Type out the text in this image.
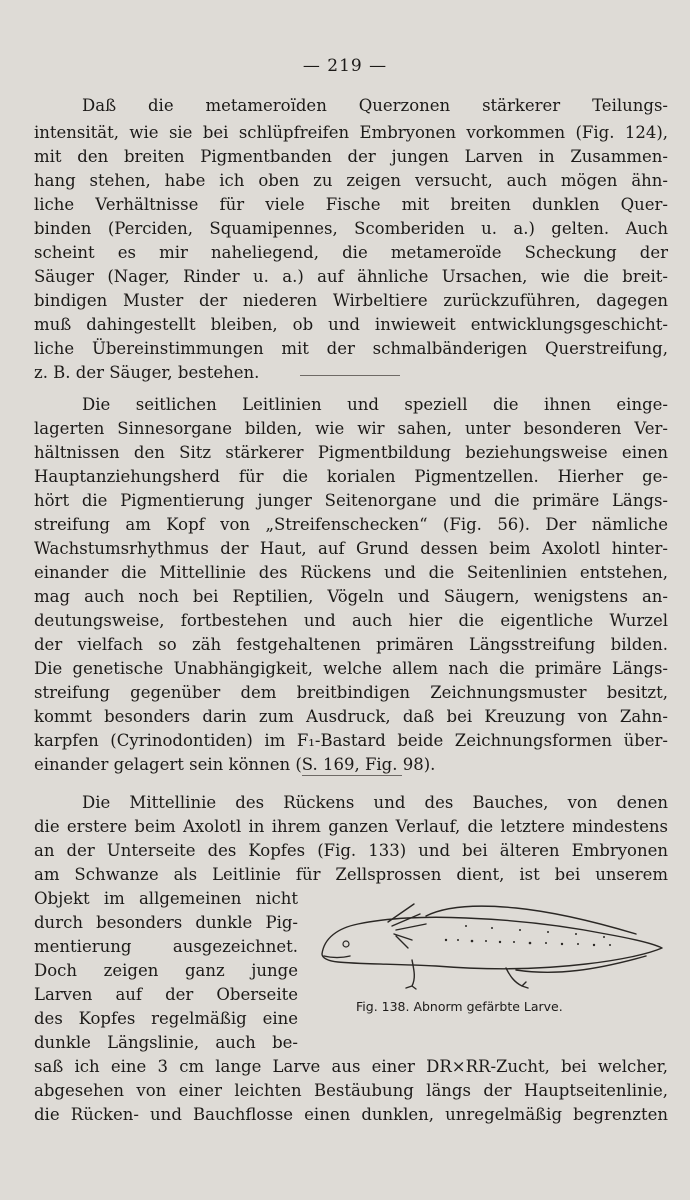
— 219 —
Daß die metameroïden Querzonen stärkerer Teilungs-
intensität, wie sie bei schlüpfreifen Embryonen vorkommen (Fig. 124),
mit den breiten Pigmentbanden der jungen Larven in Zusammen-
hang stehen, habe ich oben zu zeigen versucht, auch mögen ähn-
liche Verhältnisse für viele Fische mit breiten dunklen Quer-
binden (Perciden, Squamipennes, Scomberiden u. a.) gelten. Auch
scheint es mir naheliegend, die metameroïde Scheckung der
Säuger (Nager, Rinder u. a.) auf ähnliche Ursachen, wie die breit-
bindigen Muster der niederen Wirbeltiere zurückzuführen, dagegen
muß dahingestellt bleiben, ob und inwieweit entwicklungsgeschicht-
liche Übereinstimmungen mit der schmalbänderigen Querstreifung,
z. B. der Säuger, bestehen.
Die seitlichen Leitlinien und speziell die ihnen einge-
lagerten Sinnesorgane bilden, wie wir sahen, unter besonderen Ver-
hältnissen den Sitz stärkerer Pigmentbildung beziehungsweise einen
Hauptanziehungsherd für die korialen Pigmentzellen. Hierher ge-
hört die Pigmentierung junger Seitenorgane und die primäre Längs-
streifung am Kopf von „Streifenschecken“ (Fig. 56). Der nämliche
Wachstumsrhythmus der Haut, auf Grund dessen beim Axolotl hinter-
einander die Mittellinie des Rückens und die Seitenlinien entstehen,
mag auch noch bei Reptilien, Vögeln und Säugern, wenigstens an-
deutungsweise, fortbestehen und auch hier die eigentliche Wurzel
der vielfach so zäh festgehaltenen primären Längsstreifung bilden.
Die genetische Unabhängigkeit, welche allem nach die primäre Längs-
streifung gegenüber dem breitbindigen Zeichnungsmuster besitzt,
kommt besonders darin zum Ausdruck, daß bei Kreuzung von Zahn-
karpfen (Cyrinodontiden) im F₁-Bastard beide Zeichnungsformen über-
einander gelagert sein können (S. 169, Fig. 98).
Die Mittellinie des Rückens und des Bauches, von denen
die erstere beim Axolotl in ihrem ganzen Verlauf, die letztere mindestens
an der Unterseite des Kopfes (Fig. 133) und bei älteren Embryonen
am Schwanze als Leitlinie für Zellsprossen dient, ist bei unserem
Objekt im allgemeinen nicht
durch besonders dunkle Pig-
mentierung ausgezeichnet.
Doch zeigen ganz junge
Larven auf der Oberseite
des Kopfes regelmäßig eine
dunkle Längslinie, auch be-
saß ich eine 3 cm lange Larve aus einer DR×RR-Zucht, bei welcher,
abgesehen von einer leichten Bestäubung längs der Hauptseitenlinie,
die Rücken- und Bauchflosse einen dunklen, unregelmäßig begrenzten
Fig. 138. Abnorm gefärbte Larve.
